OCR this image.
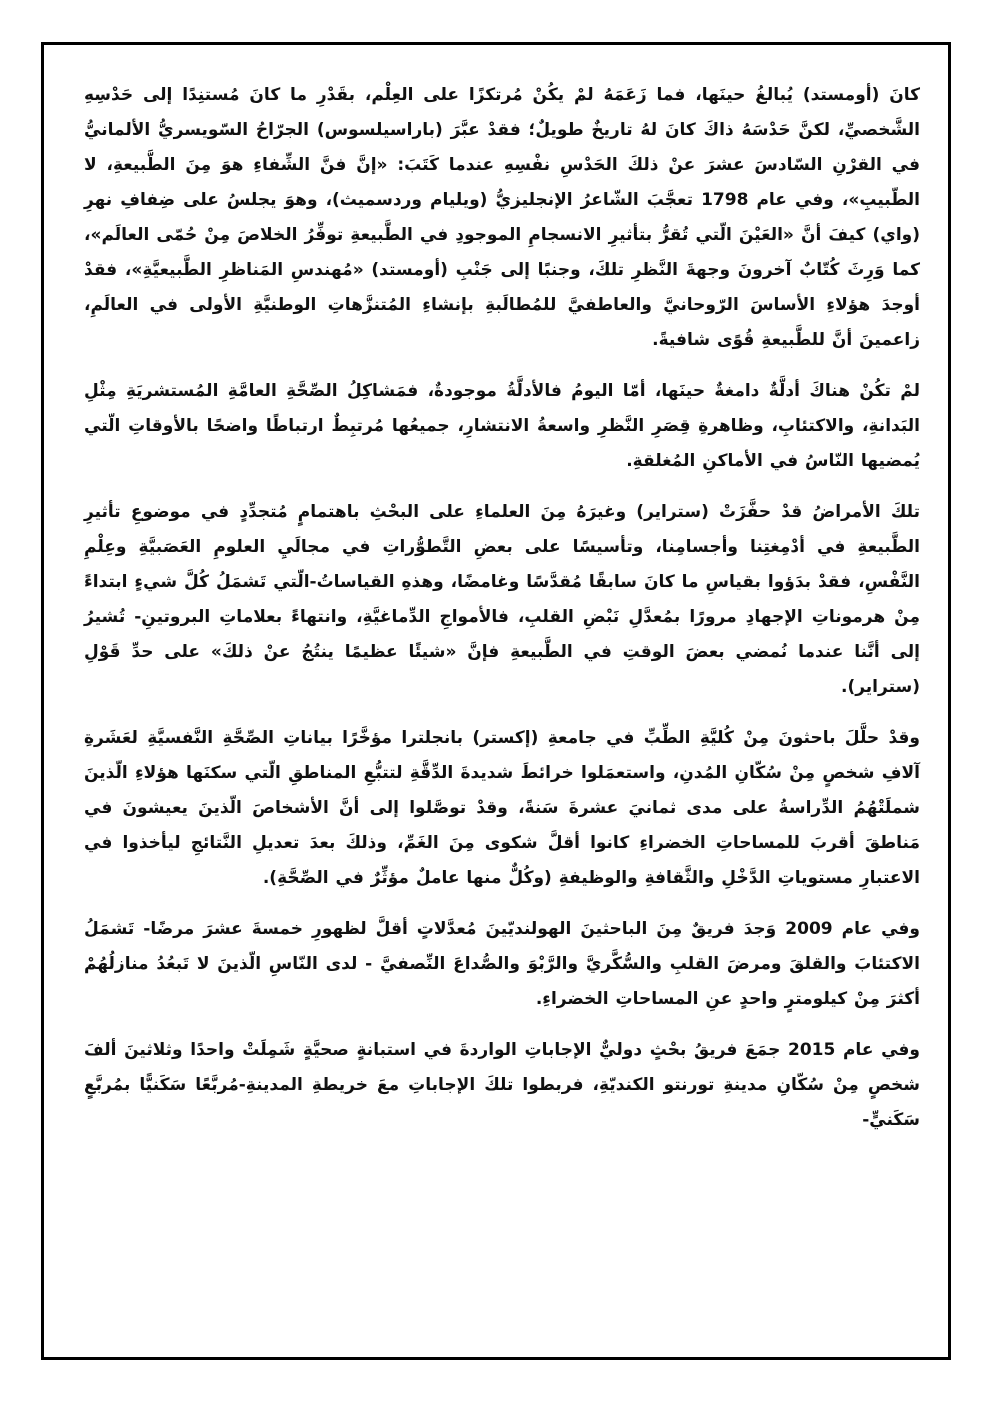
كانَ (أومستد) يُبالغُ حينَها، فما زَعَمَهُ لمْ يكُنْ مُرتكزًا على العِلْم، بقَدْرِ ما كانَ مُستنِدًا إلى حَدْسِهِ الشَّخصيِّ، لكنَّ حَدْسَهُ ذاكَ كانَ لهُ تاريخٌ طويلٌ؛ فقدْ عبَّرَ (باراسيلسوس) الجرّاحُ السّويسريُّ الألمانيُّ في القرْنِ السّادسَ عشرَ عنْ ذلكَ الحَدْسِ نفْسِهِ عندما كَتَبَ: «إنَّ فنَّ الشِّفاءِ هوَ مِنَ الطَّبيعةِ، لا الطّبيبِ»، وفي عام 1798 تعجَّبَ الشّاعرُ الإنجليزيُّ (ويليام وردسميث)، وهوَ يجلسُ على ضِفافِ نهرِ (واي) كيفَ أنَّ «العَيْنَ الّتي تُقرُّ بتأثيرِ الانسجامِ الموجودِ في الطَّبيعةِ توفِّرُ الخلاصَ مِنْ حُمّى العالَم»، كما وَرِثَ كُتّابٌ آخرونَ وجهةَ النَّظرِ تلكَ، وجنبًا إلى جَنْبِ (أومستد) «مُهندسِ المَناظرِ الطَّبيعيَّةِ»، فقدْ أوجدَ هؤلاءِ الأساسَ الرّوحانيَّ والعاطفيَّ للمُطالَبةِ بإنشاءِ المُتنزَّهاتِ الوطنيَّةِ الأولى في العالَمِ، زاعمينَ أنَّ للطَّبيعةِ قُوًى شافيةً.

لمْ تكُنْ هناكَ أدلَّةٌ دامغةٌ حينَها، أمّا اليومُ فالأدلَّةُ موجودةٌ، فمَشاكِلُ الصِّحَّةِ العامَّةِ المُستشريَةِ مِثْلِ البَدانةِ، والاكتئابِ، وظاهرةِ قِصَرِ النَّظرِ واسعةُ الانتشارِ، جميعُها مُرتبِطٌ ارتباطًا واضحًا بالأوقاتِ الّتي يُمضيها النّاسُ في الأماكنِ المُغلقةِ.

تلكَ الأمراضُ قدْ حفَّزَتْ (ستراير) وغيرَهُ مِنَ العلماءِ على البحْثِ باهتمامٍ مُتجدِّدٍ في موضوعِ تأثيرِ الطَّبيعةِ في أدْمِغتِنا وأجسامِنا، وتأسيسًا على بعضِ التَّطوُّراتِ في مجالَيِ العلومِ العَصَبيَّةِ وعِلْمِ النَّفْسِ، فقدْ بدَؤوا بقياسِ ما كانَ سابقًا مُقدَّسًا وغامضًا، وهذهِ القياساتُ-الّتي تَشمَلُ كُلَّ شيءٍ ابتداءً مِنْ هرموناتِ الإجهادِ مرورًا بمُعدَّلِ نَبْضِ القلبِ، فالأمواجِ الدِّماغيَّةِ، وانتهاءً بعلاماتِ البروتينِ- تُشيرُ إلى أنَّنا عندما نُمضي بعضَ الوقتِ في الطَّبيعةِ فإنَّ «شيئًا عظيمًا ينتُجُ عنْ ذلكَ» على حدِّ قَوْلِ (ستراير).

وقدْ حلَّلَ باحثونَ مِنْ كُليَّةِ الطِّبِّ في جامعةِ (إكستر) بانجلترا مؤخَّرًا بياناتِ الصِّحَّةِ النَّفسيَّةِ لعَشَرةِ آلافِ شخصٍ مِنْ سُكّانِ المُدنِ، واستعمَلوا خرائطَ شديدةَ الدِّقَّةِ لتتبُّعِ المناطقِ الّتي سكنَها هؤلاءِ الّذينَ شملَتْهُمُ الدِّراسةُ على مدى ثمانيَ عشرةَ سَنةً، وقدْ توصَّلوا إلى أنَّ الأشخاصَ الّذينَ يعيشونَ في مَناطقَ أقربَ للمساحاتِ الخضراءِ كانوا أقلَّ شكوى مِنَ الغَمِّ، وذلكَ بعدَ تعديلِ النَّتائجِ ليأخذوا في الاعتبارِ مستوياتِ الدَّخْلِ والثَّقافةِ والوظيفةِ (وكُلٌّ منها عاملٌ مؤثِّرٌ في الصِّحَّةِ).

وفي عام 2009 وَجدَ فريقٌ مِنَ الباحثينَ الهولنديّينَ مُعدَّلاتٍ أقلَّ لظهورِ خمسةَ عشرَ مرضًا- تَشمَلُ الاكتئابَ والقلقَ ومرضَ القلبِ والسُّكَّريَّ والرَّبْوَ والصُّداعَ النِّصفيَّ - لدى النّاسِ الّذينَ لا تَبعُدُ منازلُهُمْ أكثرَ مِنْ كيلومترٍ واحدٍ عنِ المساحاتِ الخضراءِ.

وفي عام 2015 جمَعَ فريقُ بحْثٍ دوليٌّ الإجاباتِ الواردةَ في استبانةٍ صحيَّةٍ شَمِلَتْ واحدًا وثلاثينَ ألفَ شخصٍ مِنْ سُكّانِ مدينةِ تورنتو الكنديّةِ، فربطوا تلكَ الإجاباتِ معَ خريطةِ المدينةِ-مُربَّعًا سَكَنيًّا بمُربَّعٍ سَكَنيٍّ-
